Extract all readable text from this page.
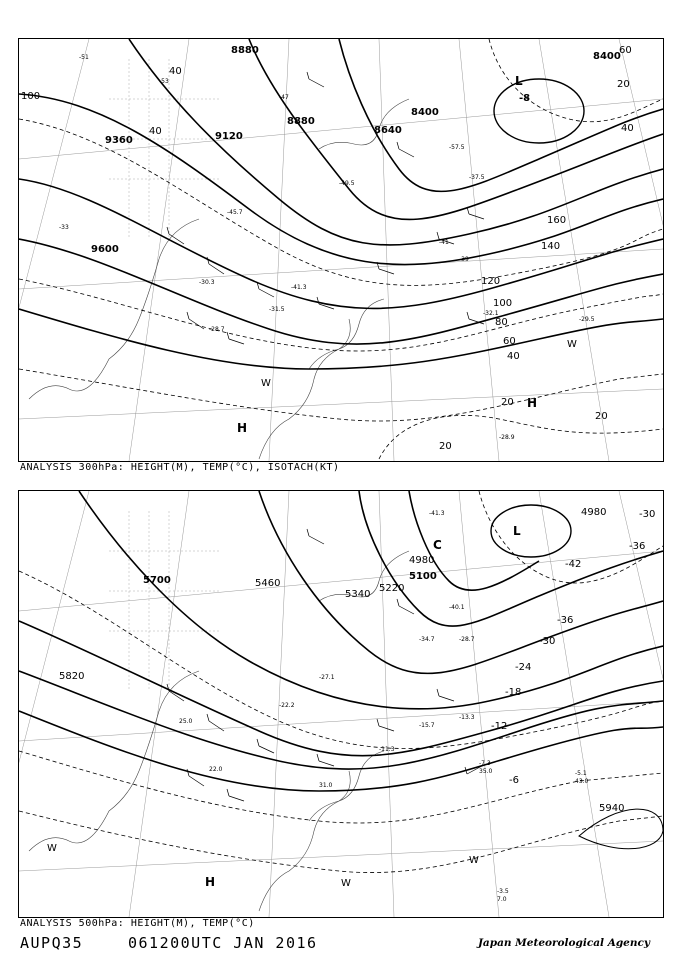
8880
9120
9360
9600
8880
8400
8640
8400
160
140
120
100
80
60
40
20
20
20
40
60
40
20
40
100
H
H
L
W
W
-8
-51
-47
-53
-41
-39
-37.5
-33
-29.5
-28.9
-32.1
-41.3
-57.5
-49.5
-45.7
-31.5
-30.3
-28.7
ANALYSIS 300hPa: HEIGHT(M), TEMP(°C), ISOTACH(KT)
5700	5460
5340
5220
5100
4980
4980
5820
5940
-30
-36
-42
-36
-30
-24
-18
-12
-6
H
L
C
W
W
W
-7.3
35.0	-5.1
43.0
-3.5
7.0
-41.3
-40.1
-27.1
-11.3
-13.3
-15.7
-22.2
-28.7
-34.7
22.0
31.0
25.0
ANALYSIS 500hPa: HEIGHT(M), TEMP(°C)
AUPQ35	061200UTC JAN 2016	Japan Meteorological Agency
